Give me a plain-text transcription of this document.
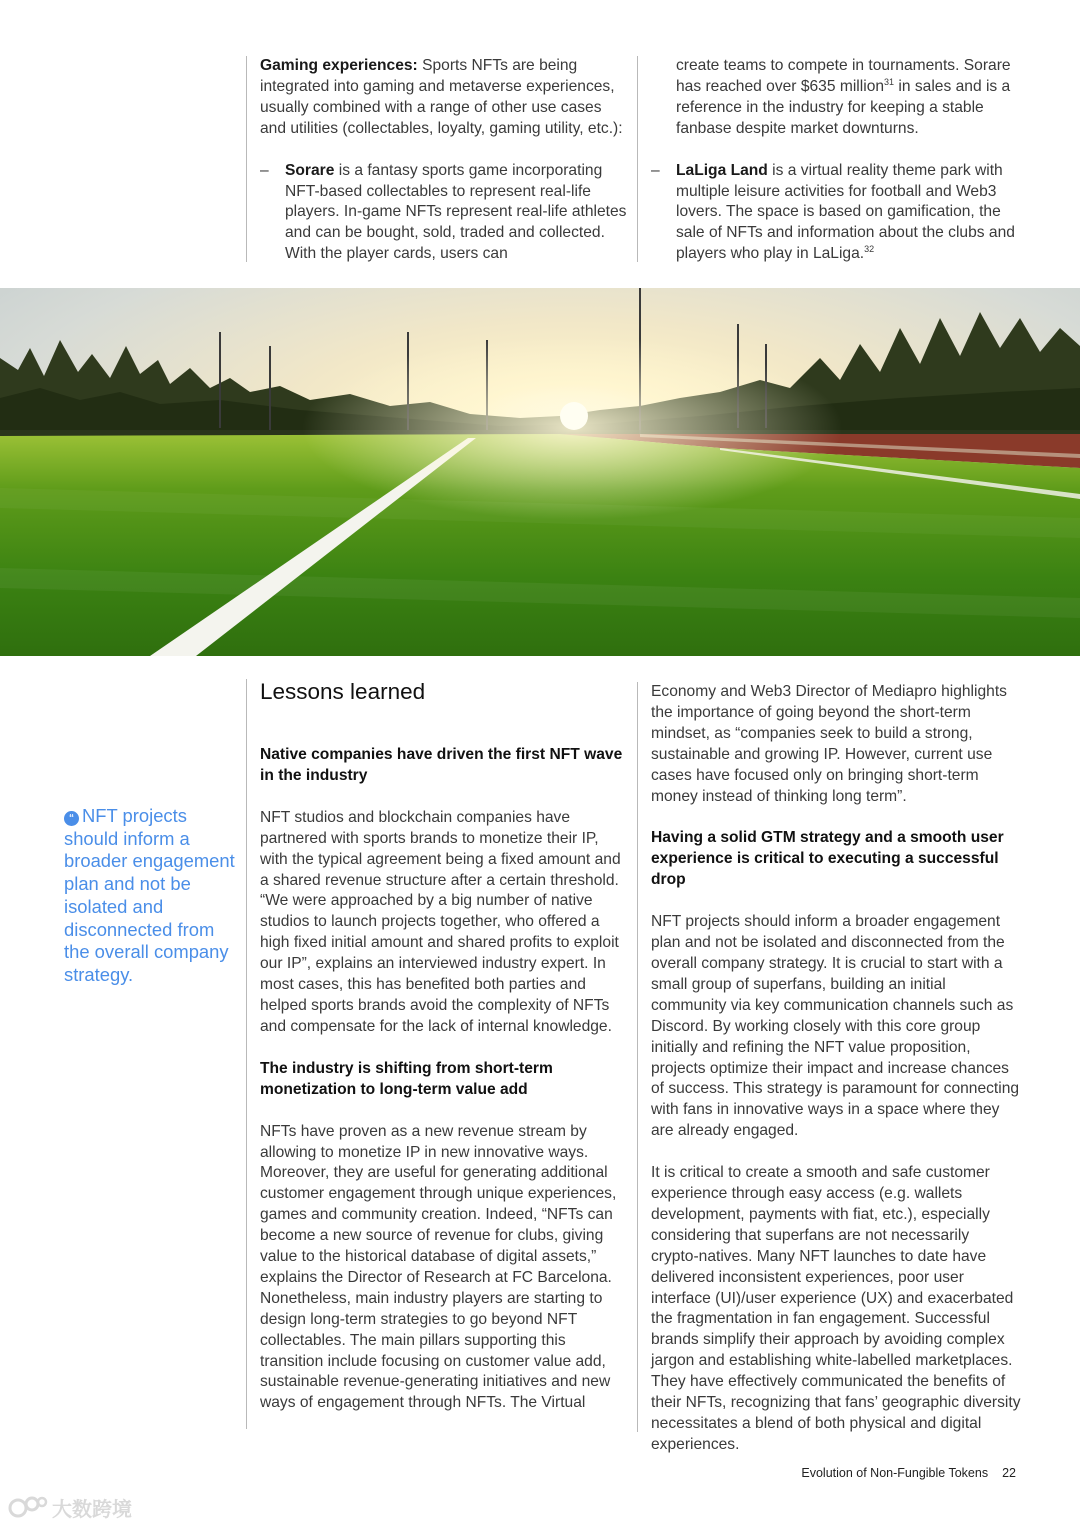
Gaming experiences: Sports NFTs are being integrated into gaming and metaverse experiences, usually combined with a range of other use cases and utilities (collectables, loyalty, gaming utility, etc.):

– Sorare is a fantasy sports game incorporating NFT-based collectables to represent real-life players. In-game NFTs represent real-life athletes and can be bought, sold, traded and collected. With the player cards, users can

create teams to compete in tournaments. Sorare has reached over $635 million$^{31}$ in sales and is a reference in the industry for keeping a stable fanbase despite market downturns.

– LaLiga Land is a virtual reality theme park with multiple leisure activities for football and Web3 lovers. The space is based on gamification, the sale of NFTs and information about the clubs and players who play in LaLiga.$^{32}$

“ NFT projects should inform a broader engagement plan and not be isolated and disconnected from the overall company strategy.
Lessons learned
Native companies have driven the first NFT wave in the industry

NFT studios and blockchain companies have partnered with sports brands to monetize their IP, with the typical agreement being a fixed amount and a shared revenue structure after a certain threshold. “We were approached by a big number of native studios to launch projects together, who offered a high fixed initial amount and shared profits to exploit our IP”, explains an interviewed industry expert. In most cases, this has benefited both parties and helped sports brands avoid the complexity of NFTs and compensate for the lack of internal knowledge.

The industry is shifting from short-term monetization to long-term value add

NFTs have proven as a new revenue stream by allowing to monetize IP in new innovative ways. Moreover, they are useful for generating additional customer engagement through unique experiences, games and community creation. Indeed, “NFTs can become a new source of revenue for clubs, giving value to the historical database of digital assets,” explains the Director of Research at FC Barcelona. Nonetheless, main industry players are starting to design long-term strategies to go beyond NFT collectables. The main pillars supporting this transition include focusing on customer value add, sustainable revenue-generating initiatives and new ways of engagement through NFTs. The Virtual

Economy and Web3 Director of Mediapro highlights the importance of going beyond the short-term mindset, as “companies seek to build a strong, sustainable and growing IP. However, current use cases have focused only on bringing short-term money instead of thinking long term”.

Having a solid GTM strategy and a smooth user experience is critical to executing a successful drop

NFT projects should inform a broader engagement plan and not be isolated and disconnected from the overall company strategy. It is crucial to start with a small group of superfans, building an initial community via key communication channels such as Discord. By working closely with this core group initially and refining the NFT value proposition, projects optimize their impact and increase chances of success. This strategy is paramount for connecting with fans in innovative ways in a space where they are already engaged.

It is critical to create a smooth and safe customer experience through easy access (e.g. wallets development, payments with fiat, etc.), especially considering that superfans are not necessarily crypto-natives. Many NFT launches to date have delivered inconsistent experiences, poor user interface (UI)/user experience (UX) and exacerbated the fragmentation in fan engagement. Successful brands simplify their approach by avoiding complex jargon and establishing white-labelled marketplaces. They have effectively communicated the benefits of their NFTs, recognizing that fans’ geographic diversity necessitates a blend of both physical and digital experiences.

Evolution of Non-Fungible Tokens 22
大数跨境
